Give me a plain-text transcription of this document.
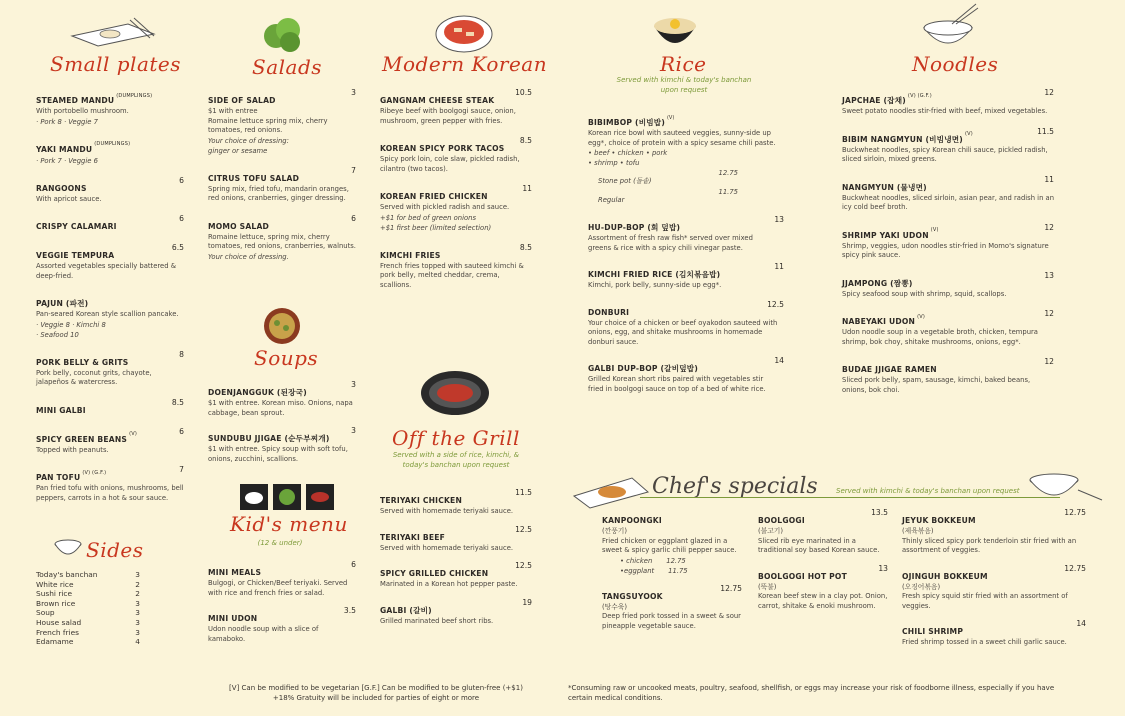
Small plates
STEAMED $MANDU^{(DUMPLINGS)}$
With portobello mushroom.
· Pork 8 · Veggie 7
YAKI $MANDU^{(DUMPLINGS)}$
· Pork 7 · Veggie 6
RANGOONS
6
With apricot sauce.
CRISPY CALAMARI
6
VEGGIE TEMPURA
6.5
Assorted vegetables specially battered & deep-fried.
PAJUN (파전)
Pan-seared Korean style scallion pancake.
· Veggie 8 · Kimchi 8
· Seafood 10
PORK BELLY & GRITS
8
Pork belly, coconut grits, chayote, jalapeños & watercress.
MINI GALBI
8.5
SPICY GREEN $BEANS^{(V)}$	6
Topped with peanuts.
PAN $TOFU^{(V) (G.F.)}$	7
Pan fried tofu with onions, mushrooms, bell peppers, carrots in a hot & sour sauce.
Sides
Today's banchan	3
White rice	2
Sushi rice	2
Brown rice	3
Soup	3
House salad	3
French fries	3
Edamame	4
Salads
SIDE OF SALAD
3
$1 with entree
Romaine lettuce spring mix, cherry tomatoes, red onions.
Your choice of dressing:
ginger or sesame
CITRUS TOFU SALAD
7
Spring mix, fried tofu, mandarin oranges, red onions, cranberries, ginger dressing.
MOMO SALAD
6
Romaine lettuce, spring mix, cherry tomatoes, red onions, cranberries, walnuts.
Your choice of dressing.
Soups
DOENJANGGUK (된장국)
3
$1 with entree. Korean miso. Onions, napa cabbage, bean sprout.
SUNDUBU JJIGAE (순두부찌개)
3
$1 with entree. Spicy soup with soft tofu, onions, zucchini, scallions.
Kid's menu
(12 & under)
MINI MEALS
6
Bulgogi, or Chicken/Beef teriyaki. Served with rice and french fries or salad.
MINI UDON
3.5
Udon noodle soup with a slice of kamaboko.
Modern Korean
GANGNAM CHEESE STEAK
10.5
Ribeye beef with boolgogi sauce, onion, mushroom, green pepper with fries.
KOREAN SPICY PORK TACOS
8.5
Spicy pork loin, cole slaw, pickled radish, cilantro (two tacos).
KOREAN FRIED CHICKEN
11
Served with pickled radish and sauce.
+$1 for bed of green onions
+$1 first beer (limited selection)
KIMCHI FRIES
8.5
French fries topped with sauteed kimchi & pork belly, melted cheddar, crema, scallions.
Off the Grill
Served with a side of rice, kimchi, & today's banchan upon request
TERIYAKI CHICKEN
11.5
Served with homemade teriyaki sauce.
TERIYAKI BEEF
12.5
Served with homemade teriyaki sauce.
SPICY GRILLED CHICKEN
12.5
Marinated in a Korean hot pepper paste.
GALBI (갈비)
19
Grilled marinated beef short ribs.
Rice
Served with kimchi & today's banchan upon request
BIBIMBOP (비빔밥)$^{(V)}$
Korean rice bowl with sauteed veggies, sunny-side up egg*, choice of protein with a spicy sesame chili paste.
• beef • chicken • pork
• shrimp • tofu
Stone pot (돌솥)
12.75
Regular
11.75
HU-DUP-BOP (회 덮밥)
13
Assortment of fresh raw fish* served over mixed greens & rice with a spicy chili vinegar paste.
KIMCHI FRIED RICE (김치볶음밥)
11
Kimchi, pork belly, sunny-side up egg*.
DONBURI
12.5
Your choice of a chicken or beef oyakodon sauteed with onions, egg, and shitake mushrooms in homemade donburi sauce.
GALBI DUP-BOP (갈비덮밥)
14
Grilled Korean short ribs paired with vegetables stir fried in boolgogi sauce on top of a bed of white rice.
Noodles
JAPCHAE (잡채)$^{(V) (G.F.)}$	12
Sweet potato noodles stir-fried with beef, mixed vegetables.
BIBIM NANGMYUN (비빔냉면)$^{(V)}$	11.5
Buckwheat noodles, spicy Korean chili sauce, pickled radish, sliced sirloin, mixed greens.
NANGMYUN (물냉면)
11
Buckwheat noodles, sliced sirloin, asian pear, and radish in an icy cold beef broth.
SHRIMP YAKI $UDON^{(V)}$	12
Shrimp, veggies, udon noodles stir-fried in Momo's signature spicy pink sauce.
JJAMPONG (짬뽕)
13
Spicy seafood soup with shrimp, squid, scallops.
NABEYAKI $UDON^{(V)}$	12
Udon noodle soup in a vegetable broth, chicken, tempura shrimp, bok choy, shitake mushrooms, onions, egg*.
BUDAE JJIGAE RAMEN
12
Sliced pork belly, spam, sausage, kimchi, baked beans, onions, bok choi.
Chef's specials	Served with kimchi & today's banchan upon request
KANPOONGKI
(깐풍기)
Fried chicken or eggplant glazed in a sweet & spicy garlic chili pepper sauce.
• chicken 12.75
•eggplant 11.75
TANGSUYOOK
12.75
(탕수육)
Deep fried pork tossed in a sweet & sour pineapple vegetable sauce.
BOOLGOGI
13.5
(불고기)
Sliced rib eye marinated in a traditional soy based Korean sauce.
BOOLGOGI HOT POT
13
(뚝불)
Korean beef stew in a clay pot. Onion, carrot, shitake & enoki mushroom.
JEYUK BOKKEUM
12.75
(제육볶음)
Thinly sliced spicy pork tenderloin stir fried with an assortment of veggies.
OJINGUH BOKKEUM
12.75
(오징어볶음)
Fresh spicy squid stir fried with an assortment of veggies.
CHILI SHRIMP
14
Fried shrimp tossed in a sweet chili garlic sauce.
[V] Can be modified to be vegetarian [G.F.] Can be modified to be gluten-free (+$1)
+18% Gratuity will be included for parties of eight or more
*Consuming raw or uncooked meats, poultry, seafood, shellfish, or eggs may increase your risk of foodborne illness, especially if you have certain medical conditions.
